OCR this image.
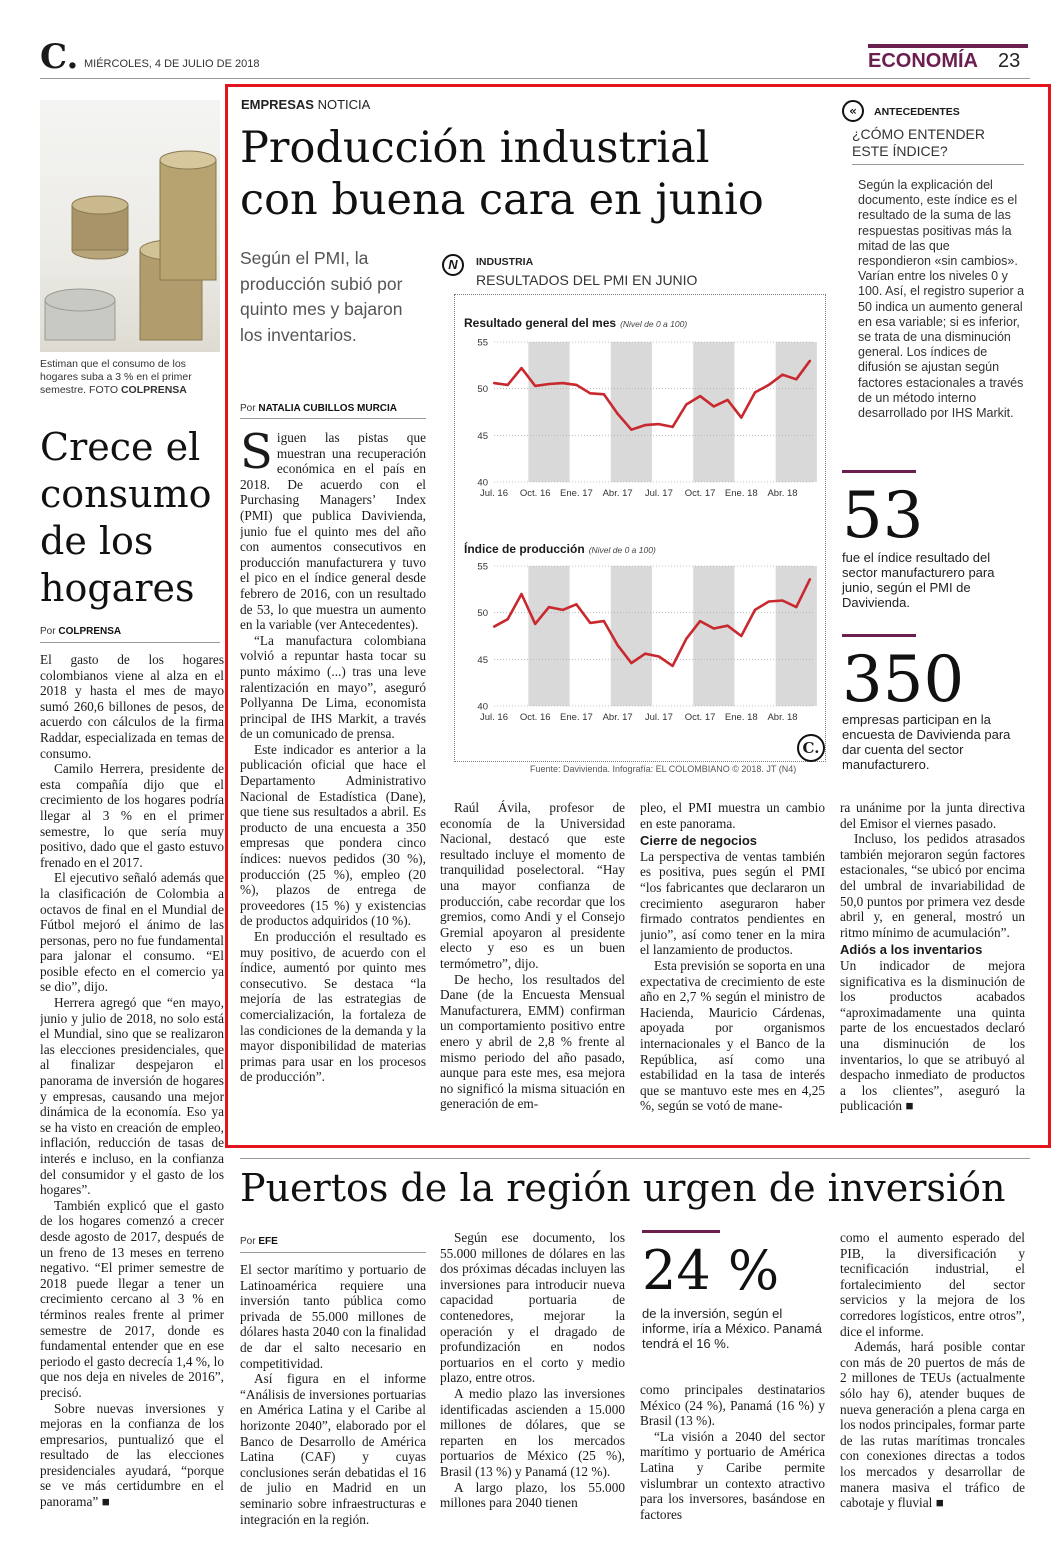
C. MIÉRCOLES, 4 DE JULIO DE 2018	ECONOMÍA 23
Estiman que el consumo de los hogares suba a 3 % en el primer semestre. FOTO COLPRENSA
Crece el
consumo
de los
hogares
Por COLPRENSA

El gasto de los hogares colombianos viene al alza en el 2018 y hasta el mes de mayo sumó 260,6 billones de pesos, de acuerdo con cálculos de la firma Raddar, especializada en temas de consumo.

Camilo Herrera, presidente de esta compañía dijo que el crecimiento de los hogares podría llegar al 3 % en el primer semestre, lo que sería muy positivo, dado que el gasto estuvo frenado en el 2017.

El ejecutivo señaló además que la clasificación de Colombia a octavos de final en el Mundial de Fútbol mejoró el ánimo de las personas, pero no fue fundamental para jalonar el consumo. “El posible efecto en el comercio ya se dio”, dijo.

Herrera agregó que “en mayo, junio y julio de 2018, no solo está el Mundial, sino que se realizaron las elecciones presidenciales, que al finalizar despejaron el panorama de inversión de hogares y empresas, causando una mejor dinámica de la economía. Eso ya se ha visto en creación de empleo, inflación, reducción de tasas de interés e incluso, en la confianza del consumidor y el gasto de los hogares”.

También explicó que el gasto de los hogares comenzó a crecer desde agosto de 2017, después de un freno de 13 meses en terreno negativo. “El primer semestre de 2018 puede llegar a tener un crecimiento cercano al 3 % en términos reales frente al primer semestre de 2017, donde es fundamental entender que en ese periodo el gasto decrecía 1,4 %, lo que nos deja en niveles de 2016”, precisó.

Sobre nuevas inversiones y mejoras en la confianza de los empresarios, puntualizó que el resultado de las elecciones presidenciales ayudará, “porque se ve más certidumbre en el panorama” ■

EMPRESAS NOTICIA
Producción industrial
con buena cara en junio
Según el PMI, la producción subió por quinto mes y bajaron los inventarios.
Por NATALIA CUBILLOS MURCIA

Siguen las pistas que muestran una recuperación económica en el país en 2018. De acuerdo con el Purchasing Managers’ Index (PMI) que publica Davivienda, junio fue el quinto mes del año con aumentos consecutivos en producción manufacturera y tuvo el pico en el índice general desde febrero de 2016, con un resultado de 53, lo que muestra un aumento en la variable (ver Antecedentes).

“La manufactura colombiana volvió a repuntar hasta tocar su punto máximo (...) tras una leve ralentización en mayo”, aseguró Pollyanna De Lima, economista principal de IHS Markit, a través de un comunicado de prensa.

Este indicador es anterior a la publicación oficial que hace el Departamento Administrativo Nacional de Estadística (Dane), que tiene sus resultados a abril. Es producto de una encuesta a 350 empresas que pondera cinco índices: nuevos pedidos (30 %), producción (25 %), empleo (20 %), plazos de entrega de proveedores (15 %) y existencias de productos adquiridos (10 %).

En producción el resultado es muy positivo, de acuerdo con el índice, aumentó por quinto mes consecutivo. Se destaca “la mejoría de las estrategias de comercialización, la fortaleza de las condiciones de la demanda y la mayor disponibilidad de materias primas para usar en los procesos de producción”.

Raúl Ávila, profesor de economía de la Universidad Nacional, destacó que este resultado incluye el momento de tranquilidad poselectoral. “Hay una mayor confianza de producción, cabe recordar que los gremios, como Andi y el Consejo Gremial apoyaron al presidente electo y eso es un buen termómetro”, dijo.

De hecho, los resultados del Dane (de la Encuesta Mensual Manufacturera, EMM) confirman un comportamiento positivo entre enero y abril de 2,8 % frente al mismo periodo del año pasado, aunque para este mes, esa mejora no significó la misma situación en generación de em-

pleo, el PMI muestra un cambio en este panorama.

Cierre de negocios

La perspectiva de ventas también es positiva, pues según el PMI “los fabricantes que declararon un crecimiento aseguraron haber firmado contratos pendientes en junio”, así como tener en la mira el lanzamiento de productos.

Esta previsión se soporta en una expectativa de crecimiento de este año en 2,7 % según el ministro de Hacienda, Mauricio Cárdenas, apoyada por organismos internacionales y el Banco de la República, así como una estabilidad en la tasa de interés que se mantuvo este mes en 4,25 %, según se votó de mane-

ra unánime por la junta directiva del Emisor el viernes pasado.

Incluso, los pedidos atrasados también mejoraron según factores estacionales, “se ubicó por encima del umbral de invariabilidad de 50,0 puntos por primera vez desde abril y, en general, mostró un ritmo mínimo de acumulación”.

Adiós a los inventarios

Un indicador de mejora significativa es la disminución de los productos acabados “aproximadamente una quinta parte de los encuestados declaró una disminución de los inventarios, lo que se atribuyó al despacho inmediato de productos a los clientes”, aseguró la publicación ■

N	INDUSTRIA
RESULTADOS DEL PMI EN JUNIO
Resultado general del mes (Nivel de 0 a 100)
55
50
45
40
Jul. 16 Oct. 16 Ene. 17 Abr. 17 Jul. 17 Oct. 17 Ene. 18 Abr. 18
Índice de producción (Nivel de 0 a 100)
55
50
45
40
Jul. 16 Oct. 16 Ene. 17 Abr. 17 Jul. 17 Oct. 17 Ene. 18 Abr. 18
C.
Fuente: Davivienda. Infografía: EL COLOMBIANO © 2018. JT (N4)
«	ANTECEDENTES
¿CÓMO ENTENDER ESTE ÍNDICE?
Según la explicación del documento, este índice es el resultado de la suma de las respuestas positivas más la mitad de las que respondieron «sin cambios». Varían entre los niveles 0 y 100. Así, el registro superior a 50 indica un aumento general en esa variable; si es inferior, se trata de una disminución general. Los índices de difusión se ajustan según factores estacionales a través de un método interno desarrollado por IHS Markit.
53
fue el índice resultado del sector manufacturero para junio, según el PMI de Davivienda.
350
empresas participan en la encuesta de Davivienda para dar cuenta del sector manufacturero.
Puertos de la región urgen de inversión
Por EFE

El sector marítimo y portuario de Latinoamérica requiere una inversión tanto pública como privada de 55.000 millones de dólares hasta 2040 con la finalidad de dar el salto necesario en competitividad.

Así figura en el informe “Análisis de inversiones portuarias en América Latina y el Caribe al horizonte 2040”, elaborado por el Banco de Desarrollo de América Latina (CAF) y cuyas conclusiones serán debatidas el 16 de julio en Madrid en un seminario sobre infraestructuras e integración en la región.

Según ese documento, los 55.000 millones de dólares en las dos próximas décadas incluyen las inversiones para introducir nueva capacidad portuaria de contenedores, mejorar la operación y el dragado de profundización en nodos portuarios en el corto y medio plazo, entre otros.

A medio plazo las inversiones identificadas ascienden a 15.000 millones de dólares, que se reparten en los mercados portuarios de México (25 %), Brasil (13 %) y Panamá (12 %).

A largo plazo, los 55.000 millones para 2040 tienen

24 %
de la inversión, según el informe, iría a México. Panamá tendrá el 16 %.

como principales destinatarios México (24 %), Panamá (16 %) y Brasil (13 %).

“La visión a 2040 del sector marítimo y portuario de América Latina y Caribe permite vislumbrar un contexto atractivo para los inversores, basándose en factores

como el aumento esperado del PIB, la diversificación y tecnificación industrial, el fortalecimiento del sector servicios y la mejora de los corredores logísticos, entre otros”, dice el informe.

Además, hará posible contar con más de 20 puertos de más de 2 millones de TEUs (actualmente sólo hay 6), atender buques de nueva generación a plena carga en los nodos principales, formar parte de las rutas marítimas troncales con conexiones directas a todos los mercados y desarrollar de manera masiva el tráfico de cabotaje y fluvial ■
